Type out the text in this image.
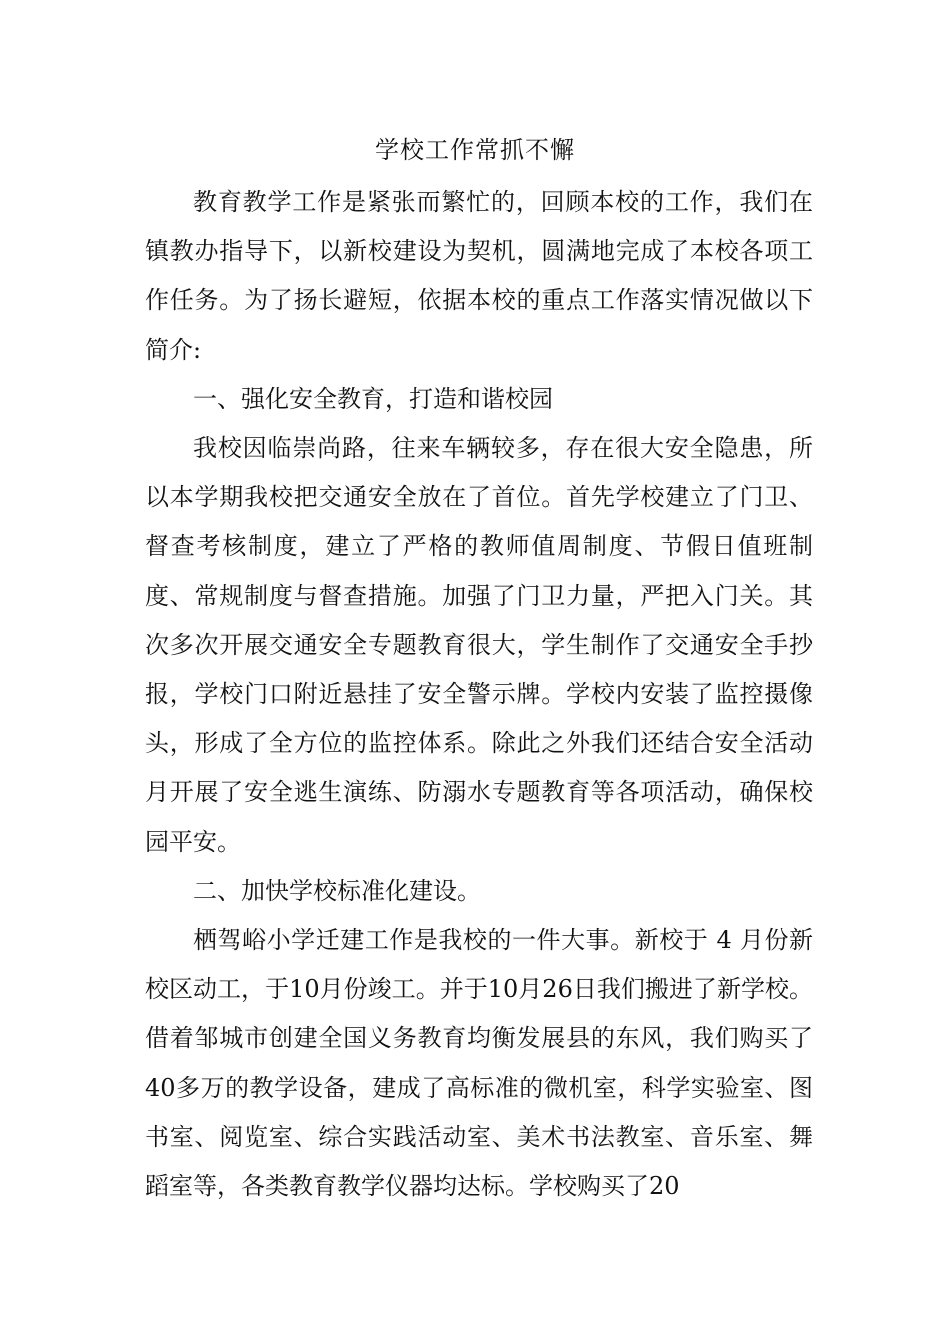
学校工作常抓不懈

教育教学工作是紧张而繁忙的，回顾本校的工作，我们在镇教办指导下，以新校建设为契机，圆满地完成了本校各项工作任务。为了扬长避短，依据本校的重点工作落实情况做以下简介:

一、强化安全教育，打造和谐校园

我校因临崇尚路，往来车辆较多，存在很大安全隐患，所以本学期我校把交通安全放在了首位。首先学校建立了门卫、督查考核制度，建立了严格的教师值周制度、节假日值班制度、常规制度与督查措施。加强了门卫力量，严把入门关。其次多次开展交通安全专题教育很大，学生制作了交通安全手抄报，学校门口附近悬挂了安全警示牌。学校内安装了监控摄像头，形成了全方位的监控体系。除此之外我们还结合安全活动月开展了安全逃生演练、防溺水专题教育等各项活动，确保校园平安。

二、加快学校标准化建设。

栖驾峪小学迁建工作是我校的一件大事。新校于 4 月份新校区动工，于10月份竣工。并于10月26日我们搬进了新学校。借着邹城市创建全国义务教育均衡发展县的东风，我们购买了 40多万的教学设备，建成了高标准的微机室，科学实验室、图书室、阅览室、综合实践活动室、美术书法教室、音乐室、舞蹈室等，各类教育教学仪器均达标。学校购买了20
